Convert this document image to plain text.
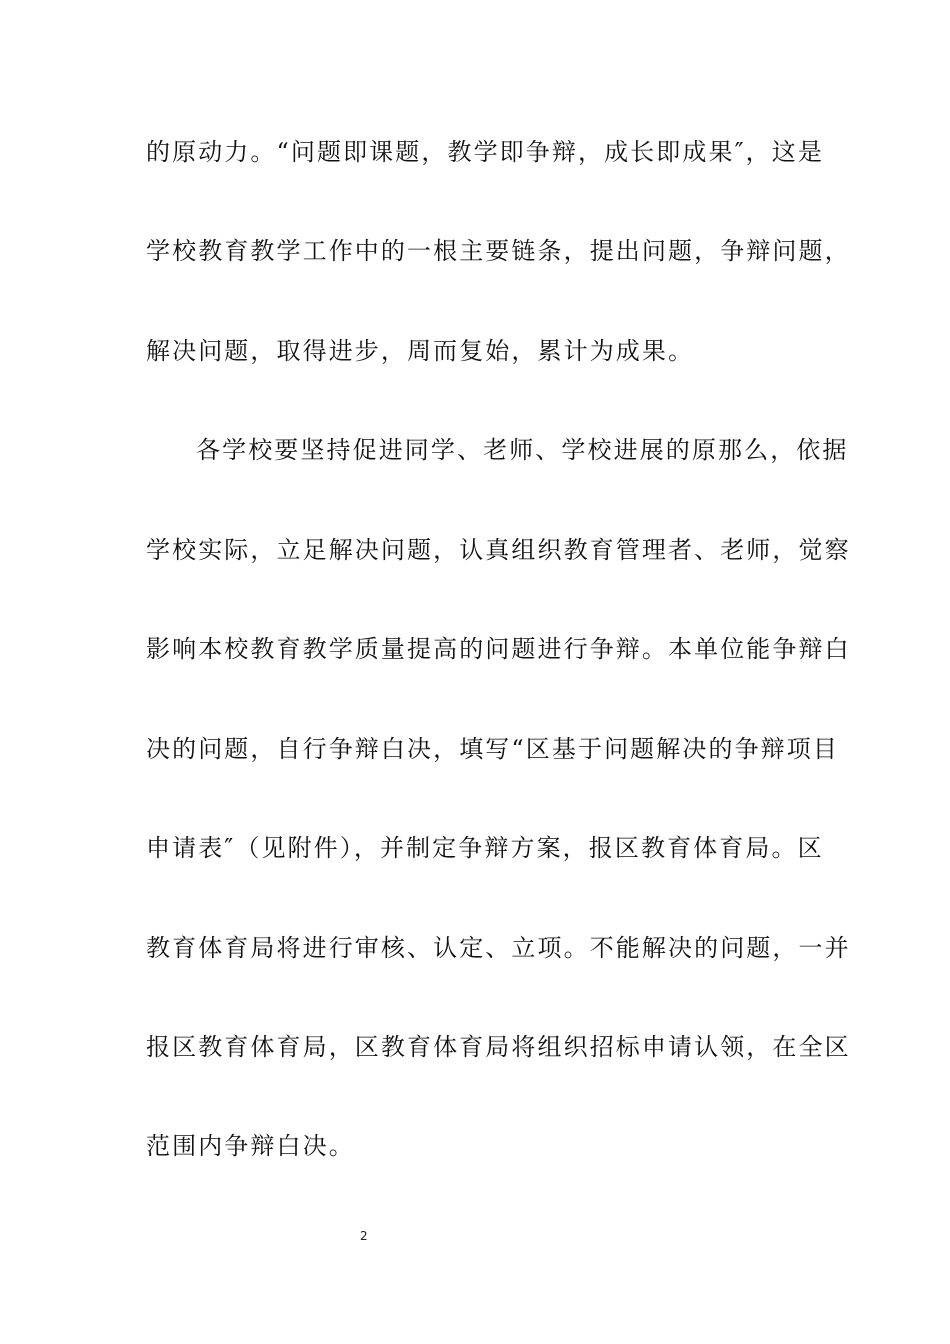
的原动力。“问题即课题，教学即争辩，成长即成果″，这是
学校教育教学工作中的一根主要链条，提出问题，争辩问题，
解决问题，取得进步，周而复始，累计为成果。
各学校要坚持促进同学、老师、学校进展的原那么，依据
学校实际，立足解决问题，认真组织教育管理者、老师，觉察
影响本校教育教学质量提高的问题进行争辩。本单位能争辩白
决的问题，自行争辩白决，填写“区基于问题解决的争辩项目
申请表″（见附件），并制定争辩方案，报区教育体育局。区
教育体育局将进行审核、认定、立项。不能解决的问题，一并
报区教育体育局，区教育体育局将组织招标申请认领，在全区
范围内争辩白决。
2
